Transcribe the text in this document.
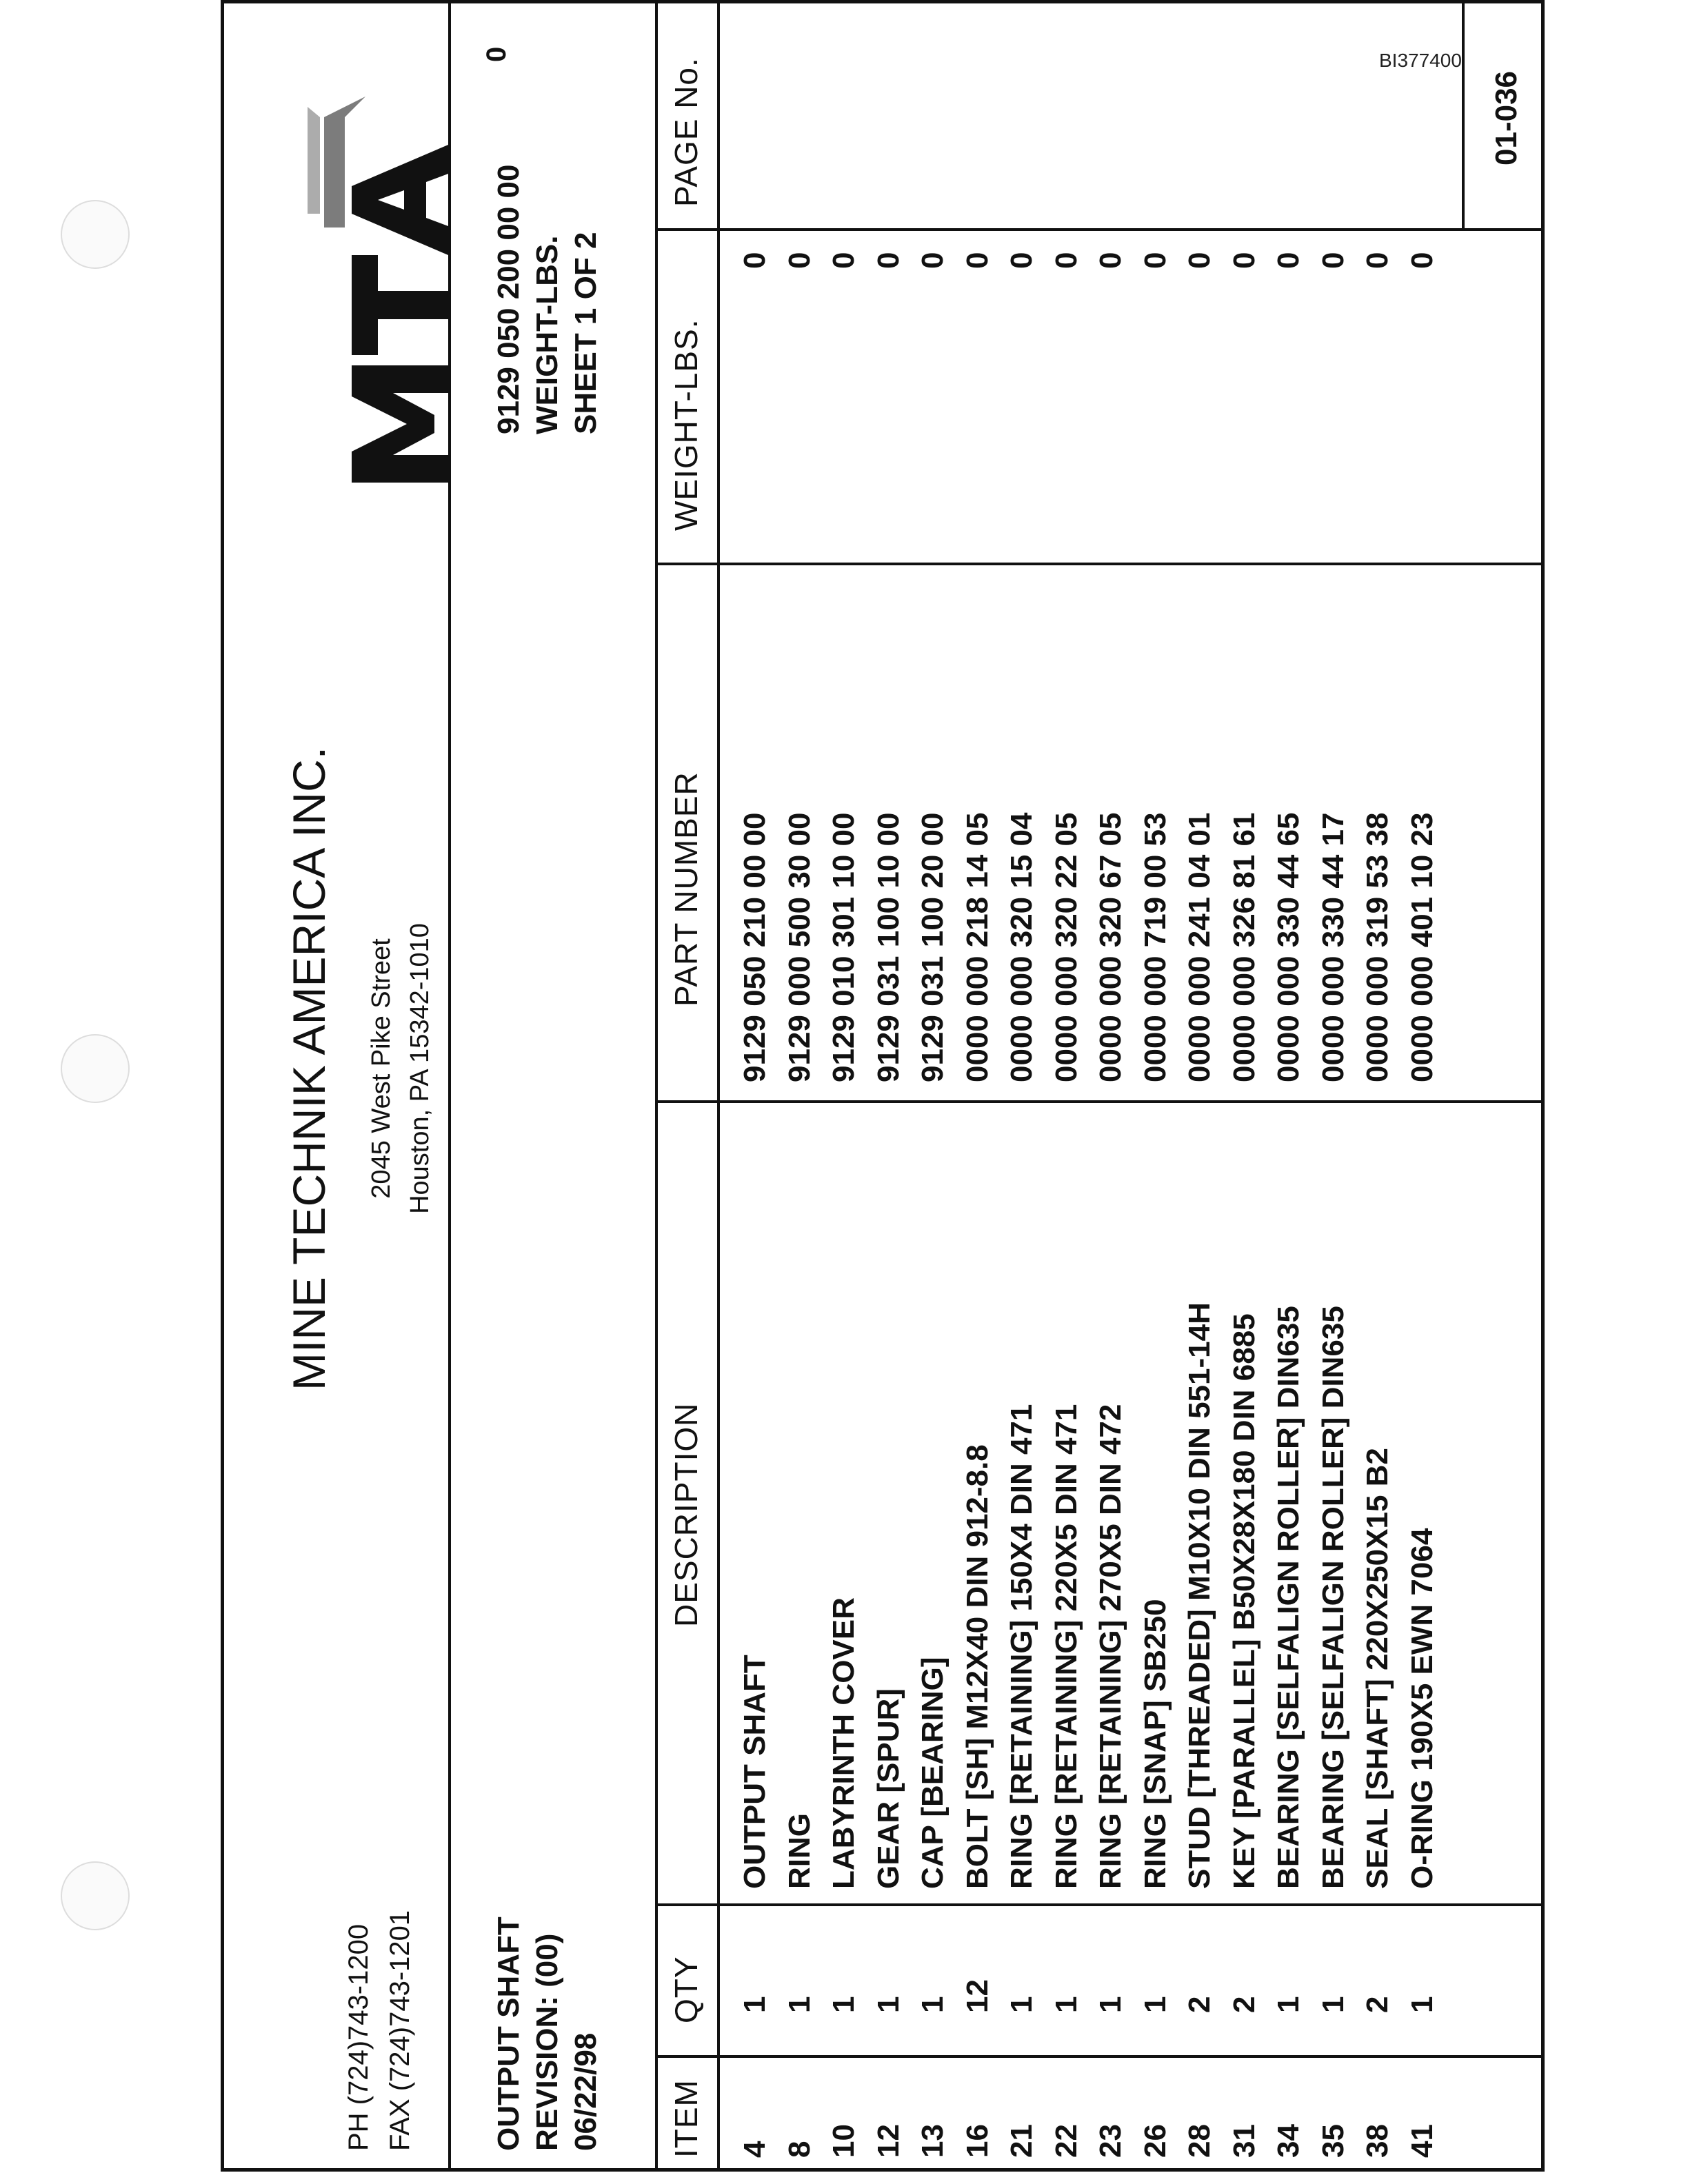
BI377400
PH (724)743-1200 FAX (724)743-1201
MINE TECHNIK AMERICA INC. 2045 West Pike Street Houston, PA 15342-1010
OUTPUT SHAFT REVISION: (00) 06/22/98
9129 050 200 00 00 WEIGHT-LBS. SHEET 1 OF 2
0
ITEM
QTY
DESCRIPTION
PART NUMBER
WEIGHT-LBS.
PAGE No.
4
1
OUTPUT SHAFT
9129 050 210 00 00
0
8
1
RING
9129 000 500 30 00
0
10
1
LABYRINTH COVER
9129 010 301 10 00
0
12
1
GEAR [SPUR]
9129 031 100 10 00
0
13
1
CAP [BEARING]
9129 031 100 20 00
0
16
12
BOLT [SH] M12X40 DIN 912-8.8
0000 000 218 14 05
0
21
1
RING [RETAINING] 150X4 DIN 471
0000 000 320 15 04
0
22
1
RING [RETAINING] 220X5 DIN 471
0000 000 320 22 05
0
23
1
RING [RETAINING] 270X5 DIN 472
0000 000 320 67 05
0
26
1
RING [SNAP] SB250
0000 000 719 00 53
0
28
2
STUD [THREADED] M10X10 DIN 551-14H
0000 000 241 04 01
0
31
2
KEY [PARALLEL] B50X28X180 DIN 6885
0000 000 326 81 61
0
34
1
BEARING [SELFALIGN ROLLER] DIN635
0000 000 330 44 65
0
35
1
BEARING [SELFALIGN ROLLER] DIN635
0000 000 330 44 17
0
38
2
SEAL [SHAFT] 220X250X15 B2
0000 000 319 53 38
0
41
1
O-RING 190X5 EWN 7064
0000 000 401 10 23
0
01-036
